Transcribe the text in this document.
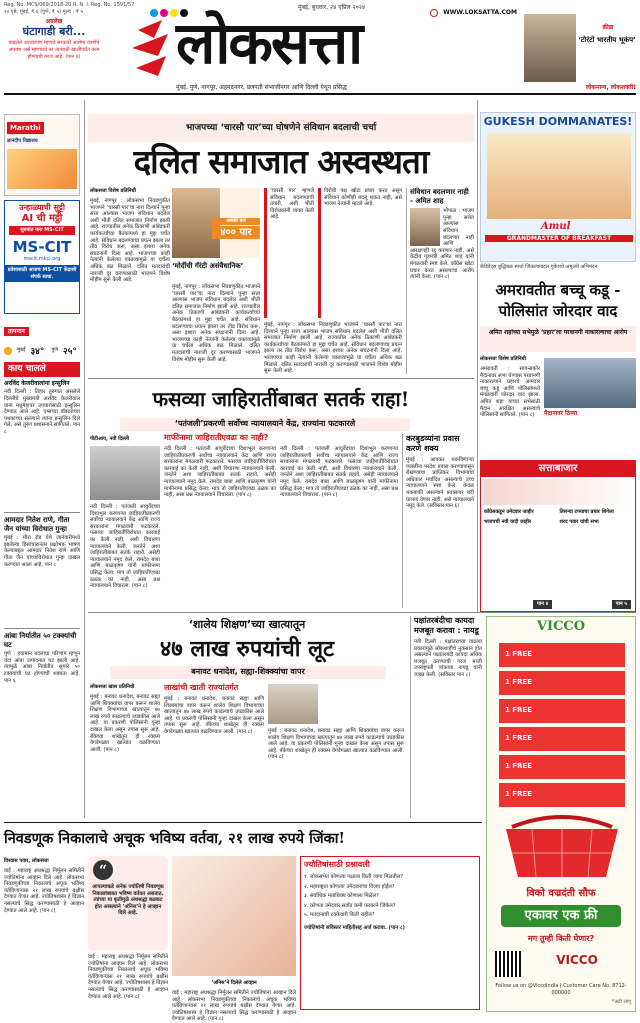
Reg. No. MCS/069/2018-20 R. N. I. Reg. No. 1591/57
१० पृष्ठे, मुंबई, ₹ ६ (पुणे, ₹ ५) मूल्य : ₹ ५
मुंबई, बुधवार, २४ एप्रिल २०२४
WWW.LOKSATTA.COM
अग्रलेख
घंटागाडी बरी...
वाढलेले आजारपण म्हणजे सरकारी आरोग्य यंत्रणेचे अपयश असे म्हणायचे तर त्यासाठी खालीपर्यंत काम होण्याची गरज आहे. (पान ४)	लोकसत्ता
मुंबई, पुणे, नागपूर, अहमदनगर, छत्रपती संभाजीनगर आणि दिल्ली येथून प्रसिद्ध	लोकमान्य, लोकशक्ती!
क्रीडा
‘टोरंटो भारतीय भूकंप’
Marathi
ज्ञानदीप विद्यालय
उन्हाळ्याची सुट्टी
AI ची मट्ठी
सुरुवात करा MS-CIT
MS-CIT
mscit.mkcl.org
प्रवेशासाठी आजच MS-CIT केंद्राशी संपर्क साधा.
तापमान
मुंबई ३४° पुणे २५°
काय चालले
अरविंद केजरीवालांना इन्सुलिन
नवी दिल्ली : तिहार तुरुंगात असलेले दिल्लीचे मुख्यमंत्री अरविंद केजरीवाल यांना मधुमेहावर उपचारासाठी इन्सुलिन देण्यात आले आहे. एम्सच्या डॉक्टरांच्या पथकाच्या सल्ल्याने त्यांना इन्सुलिन दिले गेले, असे तुरुंग प्रशासनाने सांगितले. पान ८
आमदार नितेश राणे, गीता जैन यांच्या विरोधात गुन्हा
मुंबई : मीरा रोड येथे जानेवारीमध्ये झालेल्या हिंसाचारानंतर प्रक्षोभक भाषण केल्याबद्दल आमदार नितेश राणे आणि गीता जैन यांच्याविरोधात गुन्हा दाखल करण्यात आला आहे. पान ८
आंबा निर्यातीत ५० टक्क्यांची घट
पुणे : हवामान बदलाचा परिणाम म्हणून यंदा आंबा उत्पादनात घट झाली आहे. त्यामुळे आंबा निर्यातीत सुमारे ५० टक्क्यांची घट होण्याची शक्यता आहे. पान ६
भाजपच्या ‘चारसौ पार’च्या घोषणेने संविधान बदलाची चर्चा
दलित समाजात अस्वस्थता
लोकसत्ता विशेष प्रतिनिधी
मुंबई, नागपूर : लोकसभा निवडणुकीत भाजपने ‘चारसौ पार’चा नारा दिल्याने पुन्हा सत्ता आल्यास भाजप संविधान बदलेल अशी भीती दलित समाजात निर्माण झाली आहे. राज्यातील अनेक ठिकाणी आंबेडकरी कार्यकर्त्यांच्या बैठकांमध्ये हा मुद्दा चर्चेत आहे. संविधान बदलण्याचा प्रयत्न झाला तर तीव्र विरोध करू, असा इशारा अनेक संघटनांनी दिला आहे. भाजपच्या काही नेत्यांनी केलेल्या वक्तव्यांमुळे या चर्चेला अधिक बळ मिळाले. दलित मतदारांची नाराजी दूर करण्यासाठी भाजपने विशेष मोहीम सुरू केली आहे.
अबकी बार
४०० पार
‘मोदींची गॅरंटी असंवैधानिक’
मुंबई, नागपूर : लोकसभा निवडणुकीत भाजपने ‘चारसौ पार’चा नारा दिल्याने पुन्हा सत्ता आल्यास भाजप संविधान बदलेल अशी भीती दलित समाजात निर्माण झाली आहे. राज्यातील अनेक ठिकाणी आंबेडकरी कार्यकर्त्यांच्या बैठकांमध्ये हा मुद्दा चर्चेत आहे. संविधान बदलण्याचा प्रयत्न झाला तर तीव्र विरोध करू, असा इशारा अनेक संघटनांनी दिला आहे. भाजपच्या काही नेत्यांनी केलेल्या वक्तव्यांमुळे या चर्चेला अधिक बळ मिळाले. दलित मतदारांची नाराजी दूर करण्यासाठी भाजपने विशेष मोहीम सुरू केली आहे.
‘चारसौ पार’ म्हणजे संविधान बदलण्याची तयारी, अशी भीती विरोधकांनी व्यक्त केली आहे.
विरोधी पक्ष खोटा प्रचार करत असून संविधान कोणीही बदलू शकत नाही, असे भाजप नेत्यांनी म्हटले आहे.
मुंबई, नागपूर : लोकसभा निवडणुकीत भाजपने ‘चारसौ पार’चा नारा दिल्याने पुन्हा सत्ता आल्यास भाजप संविधान बदलेल अशी भीती दलित समाजात निर्माण झाली आहे. राज्यातील अनेक ठिकाणी आंबेडकरी कार्यकर्त्यांच्या बैठकांमध्ये हा मुद्दा चर्चेत आहे. संविधान बदलण्याचा प्रयत्न झाला तर तीव्र विरोध करू, असा इशारा अनेक संघटनांनी दिला आहे. भाजपच्या काही नेत्यांनी केलेल्या वक्तव्यांमुळे या चर्चेला अधिक बळ मिळाले. दलित मतदारांची नाराजी दूर करण्यासाठी भाजपने विशेष मोहीम सुरू केली आहे.
संविधान बदलणार नाही - अमित शाह
भोपाळ : भाजप पुन्हा सत्तेत आल्यास संविधान बदलणार नाही आणि आरक्षणही रद्द करणार नाही, असे केंद्रीय गृहमंत्री अमित शाह यांनी मंगळवारी स्पष्ट केले. काँग्रेस खोटा प्रचार करत असल्याचा आरोप त्यांनी केला. (पान ८)
GUKESH DOMMANATES!
Amul
GRANDMASTER OF BREAKFAST
कॅंडिडेट्स बुद्धिबळ स्पर्धा जिंकल्याबद्दल गुकेशचे अमूलचे अभिनंदन
अमरावतीत बच्चू कडू - पोलिसांत जोरदार वाद
अमित शहांच्या सभेमुळे ‘प्रहार’ला परवानगी नाकारल्याचा आरोप
लोकसत्ता विशेष प्रतिनिधी
अमरावती : सायन्सकोर मैदानावर सभा घेण्यास परवानगी नाकारल्याने प्रहारचे आमदार बच्चू कडू आणि पोलिसांमध्ये मंगळवारी जोरदार वाद झाला. अमित शहा यांच्या सभेसाठी मैदान आरक्षित असल्याचे पोलिसांनी सांगितले. (पान ८)	मैदानावर ठिय्या
सत्ताबाजार
कॉंग्रेसकडून उमेदवार जाहीर	तिसऱ्या टप्प्याचा प्रचार शिगेला
भाजपची नवी यादी जाहीर	शरद पवार यांची सभा
पान ४	पान ५
फसव्या जाहिरातींबाबत सतर्क राहा!
‘पतंजली’प्रकरणी सर्वोच्च न्यायालयाने केंद्र, राज्यांना फटकारले
पीटीआय, नवी दिल्ली
नवी दिल्ली : पतंजली आयुर्वेदच्या दिशाभूल करणाऱ्या जाहिरातींप्रकरणी सर्वोच्च न्यायालयाने केंद्र आणि राज्य सरकारांना मंगळवारी फटकारले. फसव्या जाहिरातींविरोधात कारवाई का केली नाही, अशी विचारणा न्यायालयाने केली. जनतेने अशा जाहिरातींबाबत सतर्क राहावे, असेही न्यायालयाने नमूद केले. रामदेव बाबा आणि बाळकृष्ण यांनी माफीनामा प्रसिद्ध केला; मात्र तो जाहिरातीएवढा ठळक का नाही, असा प्रश्न न्यायालयाने विचारला. (पान ८)
माफीनामा जाहिरातीएवढा का नाही?
नवी दिल्ली : पतंजली आयुर्वेदच्या दिशाभूल करणाऱ्या जाहिरातींप्रकरणी सर्वोच्च न्यायालयाने केंद्र आणि राज्य सरकारांना मंगळवारी फटकारले. फसव्या जाहिरातींविरोधात कारवाई का केली नाही, अशी विचारणा न्यायालयाने केली. जनतेने अशा जाहिरातींबाबत सतर्क राहावे, असेही न्यायालयाने नमूद केले. रामदेव बाबा आणि बाळकृष्ण यांनी माफीनामा प्रसिद्ध केला; मात्र तो जाहिरातीएवढा ठळक का नाही, असा प्रश्न न्यायालयाने विचारला. (पान ८)
नवी दिल्ली : पतंजली आयुर्वेदच्या दिशाभूल करणाऱ्या जाहिरातींप्रकरणी सर्वोच्च न्यायालयाने केंद्र आणि राज्य सरकारांना मंगळवारी फटकारले. फसव्या जाहिरातींविरोधात कारवाई का केली नाही, अशी विचारणा न्यायालयाने केली. जनतेने अशा जाहिरातींबाबत सतर्क राहावे, असेही न्यायालयाने नमूद केले. रामदेव बाबा आणि बाळकृष्ण यांनी माफीनामा प्रसिद्ध केला; मात्र तो जाहिरातीएवढा ठळक का नाही, असा प्रश्न न्यायालयाने विचारला. (पान ८)
करबुडव्यांना प्रवास करणे शक्य
मुंबई : आयकर थकविणाऱ्या व्यक्तींना परदेश प्रवास करण्यापासून रोखण्याचा प्राप्तिकर विभागाचा अधिकार मर्यादित असल्याचे उच्च न्यायालयाने स्पष्ट केले. केवळ थकबाकी असल्याने प्रवासावर बंदी घालता येणार नाही, असे न्यायालयाने नमूद केले. (सविस्तर पान ६)
‘शालेय शिक्षण’च्या खात्यातून
४७ लाख रुपयांची लूट
बनावट धनादेश, सह्या-शिक्क्यांचा वापर
लोकसत्ता खास प्रतिनिधी
मुंबई : बनावट धनादेश, बनावट सह्या आणि शिक्क्यांचा वापर करून शालेय शिक्षण विभागाच्या खात्यातून ४७ लाख रुपये काढल्याचे उघडकीस आले आहे. या प्रकरणी पोलिसांनी गुन्हा दाखल केला असून तपास सुरू आहे. बँकेच्या शाखेतून ही रक्कम वेगवेगळ्या खात्यांत वळविण्यात आली. (पान ८)
लाखांची खाती राज्यांतर्गत
मुंबई : बनावट धनादेश, बनावट सह्या आणि शिक्क्यांचा वापर करून शालेय शिक्षण विभागाच्या खात्यातून ४७ लाख रुपये काढल्याचे उघडकीस आले आहे. या प्रकरणी पोलिसांनी गुन्हा दाखल केला असून तपास सुरू आहे. बँकेच्या शाखेतून ही रक्कम वेगवेगळ्या खात्यांत वळविण्यात आली. (पान ८)	मुंबई : बनावट धनादेश, बनावट सह्या आणि शिक्क्यांचा वापर करून शालेय शिक्षण विभागाच्या खात्यातून ४७ लाख रुपये काढल्याचे उघडकीस आले आहे. या प्रकरणी पोलिसांनी गुन्हा दाखल केला असून तपास सुरू आहे. बँकेच्या शाखेतून ही रक्कम वेगवेगळ्या खात्यांत वळविण्यात आली. (पान ८)
पक्षांतरबंदीचा कायदा मजबूत करावा : नायडू
नवी दिल्ली : पक्षांतराच्या वाढत्या प्रकारांमुळे लोकशाहीचे नुकसान होत असल्याने पक्षांतरबंदी कायदा अधिक मजबूत करण्याची गरज माजी उपराष्ट्रपती व्यंकय्या नायडू यांनी व्यक्त केली. (सविस्तर पान ८)
VICCO
1 FREE
1 FREE
1 FREE
1 FREE
1 FREE
1 FREE
विको वज्रदंती सौफ
एकावर एक फ्री
मग तुम्ही किती घेणार?
VICCO
Follow us on @ViccoIndia | Customer Care No. 8712-000000
*अटी लागू
निवडणूक निकालाचे अचूक भविष्य वर्तवा, २१ लाख रुपये जिंका!
विश्वास पवार, लोकसत्ता
वाई : महाराष्ट्र अंधश्रद्धा निर्मूलन समितीने ज्योतिषांना आव्हान दिले आहे. लोकसभा निवडणुकीच्या निकालाचे अचूक भविष्य वर्तविणाऱ्यास २१ लाख रुपयांचे बक्षीस देण्यात येणार आहे. ज्योतिषशास्त्र हे विज्ञान नसल्याचे सिद्ध करण्यासाठी हे आव्हान देण्यात आले आहे. (पान ८)
“
आपल्याकडे अनेक ज्योतिषी निवडणूक निकालांबाबत भविष्य वर्तवत असतात. त्यांच्या या कृतीमुळे अंधश्रद्धा बळकट होत असल्याने ‘अंनिस’ने हे आव्हान दिले आहे.
‘अंनिस’ने दिलेले आव्हान
वाई : महाराष्ट्र अंधश्रद्धा निर्मूलन समितीने ज्योतिषांना आव्हान दिले आहे. लोकसभा निवडणुकीच्या निकालाचे अचूक भविष्य वर्तविणाऱ्यास २१ लाख रुपयांचे बक्षीस देण्यात येणार आहे. ज्योतिषशास्त्र हे विज्ञान नसल्याचे सिद्ध करण्यासाठी हे आव्हान देण्यात आले आहे. (पान ८)
वाई : महाराष्ट्र अंधश्रद्धा निर्मूलन समितीने ज्योतिषांना आव्हान दिले आहे. लोकसभा निवडणुकीच्या निकालाचे अचूक भविष्य वर्तविणाऱ्यास २१ लाख रुपयांचे बक्षीस देण्यात येणार आहे. ज्योतिषशास्त्र हे विज्ञान नसल्याचे सिद्ध करण्यासाठी हे आव्हान देण्यात आले आहे. (पान ८)
ज्योतिषांसाठी प्रश्नावली
१. लोकसभेत कोणत्या पक्षाला किती जागा मिळतील?
२. महाराष्ट्रात कोणत्या उमेदवारांचा विजय होईल?
३. सर्वाधिक मताधिक्य कोणाला मिळेल?
४. कोणता उमेदवार सर्वांत कमी फरकाने जिंकेल?
५. मतदानाची टक्केवारी किती राहील?
ज्योतिषांनी सविस्तर माहितीसह अर्ज करावा. (पान ८)
